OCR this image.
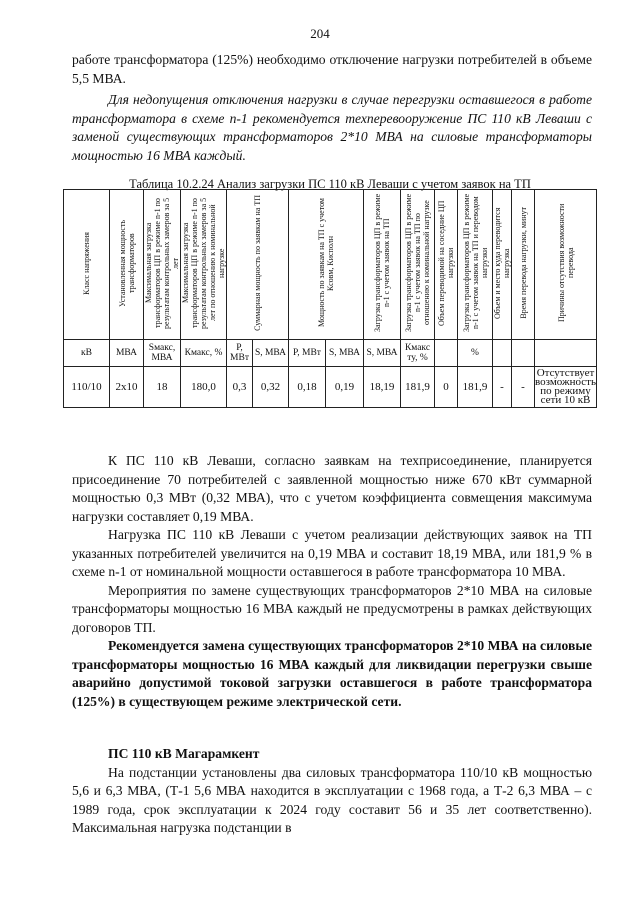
204

работе трансформатора (125%) необходимо отключение нагрузки потребителей в объеме 5,5 МВА.

Для недопущения отключения нагрузки в случае перегрузки оставшегося в работе трансформатора в схеме n-1 рекомендуется техперевооружение ПС 110 кВ Леваши с заменой существующих трансформаторов 2*10 МВА на силовые трансформаторы мощностью 16 МВА каждый.

Таблица 10.2.24 Анализ загрузки ПС 110 кВ Леваши с учетом заявок на ТП
Класс напряжения	Установленная мощность трансформаторов	Максимальная загрузка трансформаторов ЦП в режиме n-1 по результатам контрольных замеров за 5 лет	Максимальная загрузка трансформаторов ЦП в режиме n-1 по результатам контрольных замеров за 5 лет по отношению к номинальной нагрузке	Суммарная мощность по заявкам на ТП		Мощность по заявкам на ТП с учетом Ксовм, Кисполн		Загрузка трансформаторов ЦП в режиме n-1 с учетом заявок на ТП	Загрузка трансформаторов ЦП в режиме n-1 с учетом заявок на ТП по отношению к номинальной нагрузке	Объем переводимой на соседние ЦП нагрузки	Загрузка трансформаторов ЦП в режиме n-1 с учетом заявок на ТП и переводом нагрузки	Объем и место куда переводится нагрузка	Время перевода нагрузки, минут	Причины отсутствия возможности перевода
кВ	МВА	Sмакс, МВА	Кмакс, %	P, МВт	S, МВА	P, МВт	S, МВА	S, МВА	Кмакс ту, %		%			
110/10	2х10	18	180,0	0,3	0,32	0,18	0,19	18,19	181,9	0	181,9	-	-	Отсутствует возможность по режиму сети 10 кВ

К ПС 110 кВ Леваши, согласно заявкам на техприсоединение, планируется присоединение 70 потребителей с заявленной мощностью ниже 670 кВт суммарной мощностью 0,3 МВт (0,32 МВА), что с учетом коэффициента совмещения максимума нагрузки составляет 0,19 МВА.

Нагрузка ПС 110 кВ Леваши с учетом реализации действующих заявок на ТП указанных потребителей увеличится на 0,19 МВА и составит 18,19 МВА, или 181,9 % в схеме n-1 от номинальной мощности оставшегося в работе трансформатора 10 МВА.

Мероприятия по замене существующих трансформаторов 2*10 МВА на силовые трансформаторы мощностью 16 МВА каждый не предусмотрены в рамках действующих договоров ТП.

Рекомендуется замена существующих трансформаторов 2*10 МВА на силовые трансформаторы мощностью 16 МВА каждый для ликвидации перегрузки свыше аварийно допустимой токовой загрузки оставшегося в работе трансформатора (125%) в существующем режиме электрической сети.

ПС 110 кВ Магарамкент

На подстанции установлены два силовых трансформатора 110/10 кВ мощностью 5,6 и 6,3 МВА, (Т-1 5,6 МВА находится в эксплуатации с 1968 года, а Т-2 6,3 МВА – с 1989 года, срок эксплуатации к 2024 году составит 56 и 35 лет соответственно). Максимальная нагрузка подстанции в
